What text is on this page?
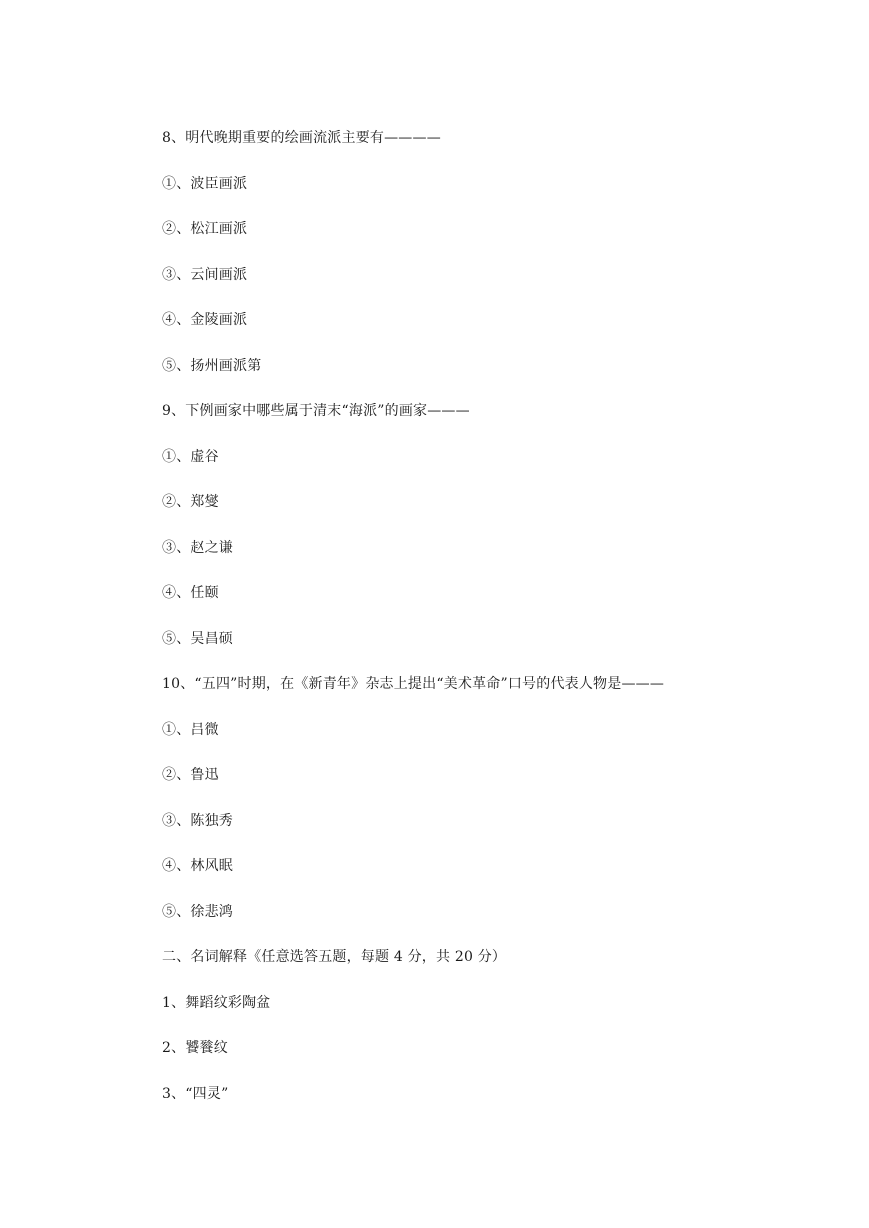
8、明代晚期重要的绘画流派主要有————
①、波臣画派
②、松江画派
③、云间画派
④、金陵画派
⑤、扬州画派第
9、下例画家中哪些属于清末“海派”的画家———
①、虚谷
②、郑燮
③、赵之谦
④、任颐
⑤、吴昌硕
10、“五四”时期，在《新青年》杂志上提出“美术革命”口号的代表人物是———
①、吕微
②、鲁迅
③、陈独秀
④、林风眠
⑤、徐悲鸿
二、名词解释《任意选答五题，每题 4 分，共 20 分）
1、舞蹈纹彩陶盆
2、饕餮纹
3、“四灵”
